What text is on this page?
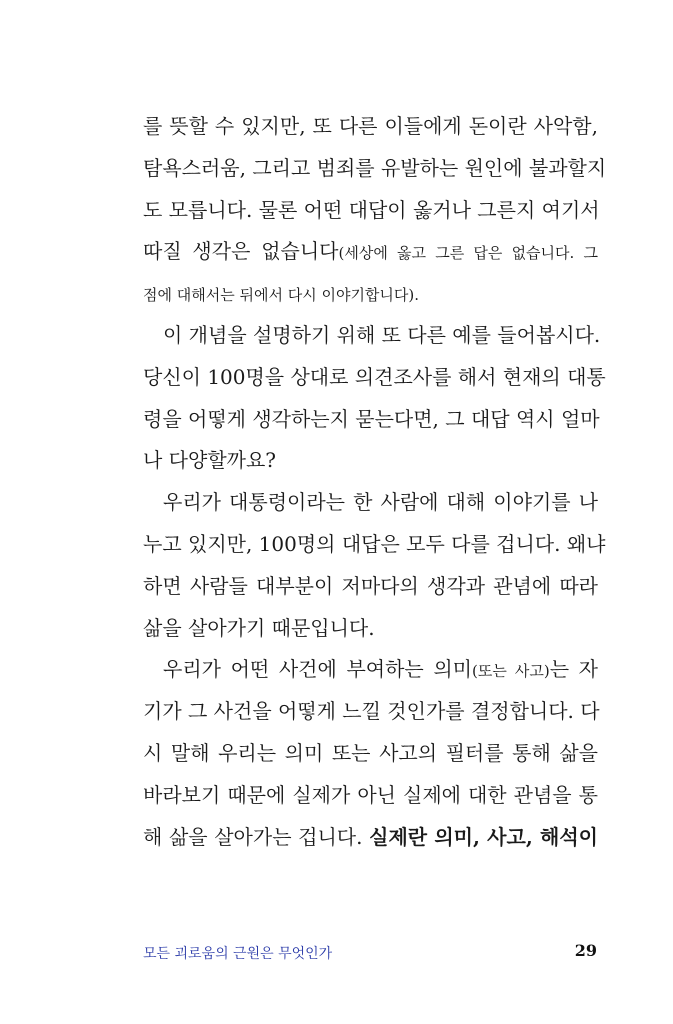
를 뜻할 수 있지만, 또 다른 이들에게 돈이란 사악함,
탐욕스러움, 그리고 범죄를 유발하는 원인에 불과할지
도 모릅니다. 물론 어떤 대답이 옳거나 그른지 여기서
따질 생각은 없습니다(세상에 옳고 그른 답은 없습니다. 그
점에 대해서는 뒤에서 다시 이야기합니다).
이 개념을 설명하기 위해 또 다른 예를 들어봅시다.
당신이 100명을 상대로 의견조사를 해서 현재의 대통
령을 어떻게 생각하는지 묻는다면, 그 대답 역시 얼마
나 다양할까요?
우리가 대통령이라는 한 사람에 대해 이야기를 나
누고 있지만, 100명의 대답은 모두 다를 겁니다. 왜냐
하면 사람들 대부분이 저마다의 생각과 관념에 따라
삶을 살아가기 때문입니다.
우리가 어떤 사건에 부여하는 의미(또는 사고)는 자
기가 그 사건을 어떻게 느낄 것인가를 결정합니다. 다
시 말해 우리는 의미 또는 사고의 필터를 통해 삶을
바라보기 때문에 실제가 아닌 실제에 대한 관념을 통
해 삶을 살아가는 겁니다. 실제란 의미, 사고, 해석이
모든 괴로움의 근원은 무엇인가	29
